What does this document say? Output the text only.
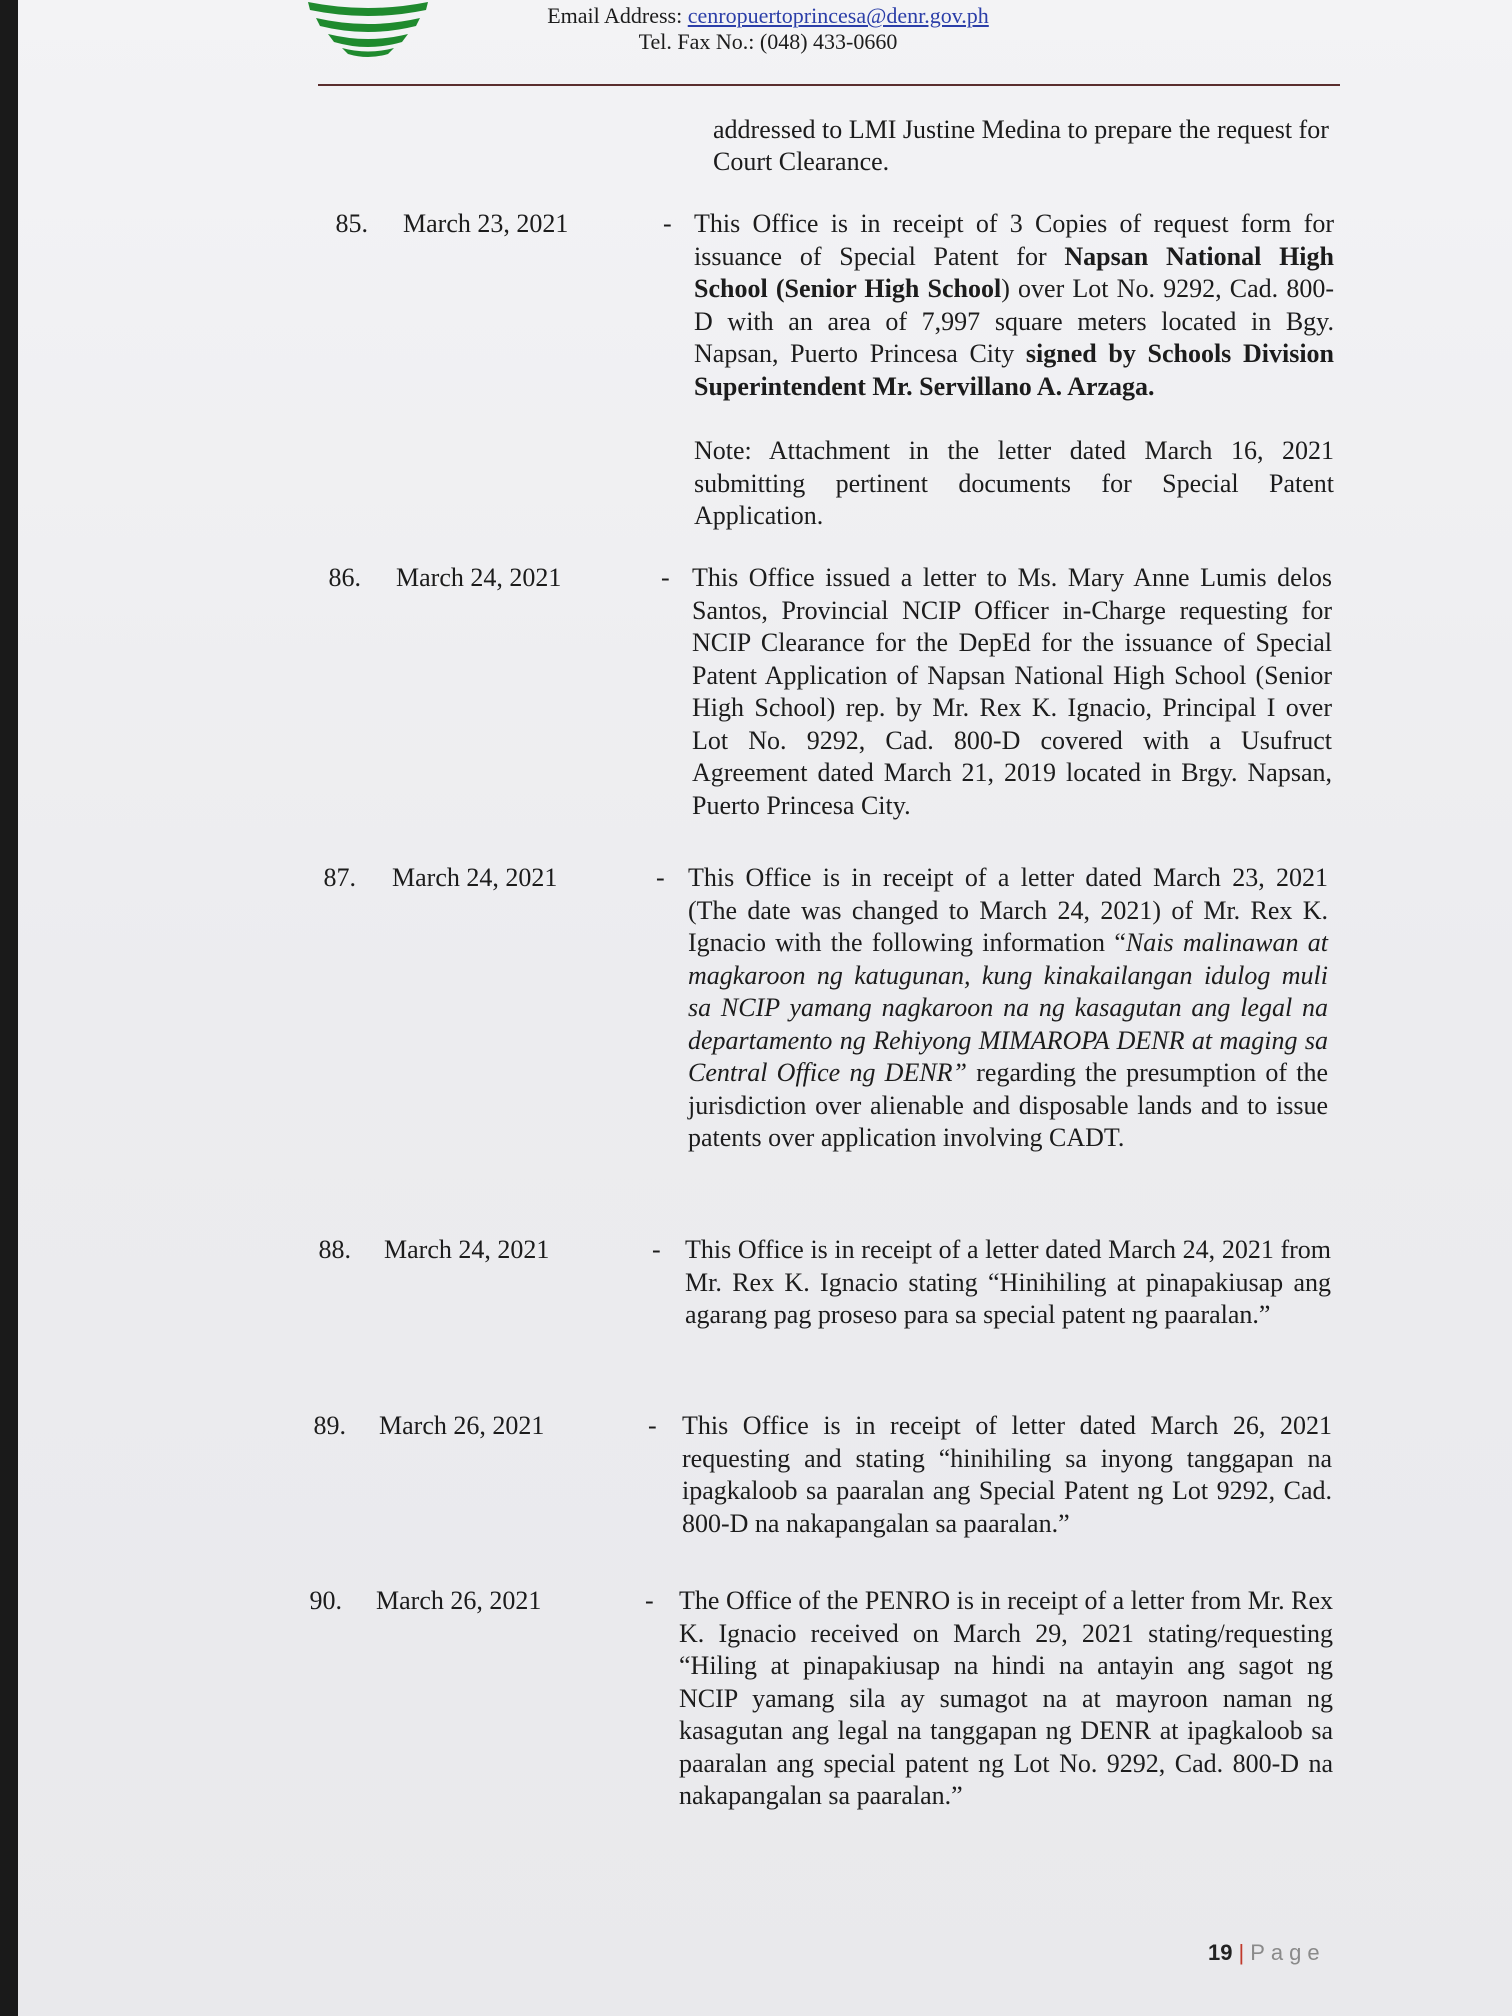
Email Address: cenropuertoprincesa@denr.gov.ph
Tel. Fax No.: (048) 433-0660
addressed to LMI Justine Medina to prepare the request for Court Clearance.
85. March 23, 2021	- This Office is in receipt of 3 Copies of request form for issuance of Special Patent for Napsan National High School (Senior High School) over Lot No. 9292, Cad. 800-D with an area of 7,997 square meters located in Bgy. Napsan, Puerto Princesa City signed by Schools Division Superintendent Mr. Servillano A. Arzaga.
Note: Attachment in the letter dated March 16, 2021 submitting pertinent documents for Special Patent Application.
86. March 24, 2021	- This Office issued a letter to Ms. Mary Anne Lumis delos Santos, Provincial NCIP Officer in-Charge requesting for NCIP Clearance for the DepEd for the issuance of Special Patent Application of Napsan National High School (Senior High School) rep. by Mr. Rex K. Ignacio, Principal I over Lot No. 9292, Cad. 800-D covered with a Usufruct Agreement dated March 21, 2019 located in Brgy. Napsan, Puerto Princesa City.
87. March 24, 2021	- This Office is in receipt of a letter dated March 23, 2021 (The date was changed to March 24, 2021) of Mr. Rex K. Ignacio with the following information “Nais malinawan at magkaroon ng katugunan, kung kinakailangan idulog muli sa NCIP yamang nagkaroon na ng kasagutan ang legal na departamento ng Rehiyong MIMAROPA DENR at maging sa Central Office ng DENR” regarding the presumption of the jurisdiction over alienable and disposable lands and to issue patents over application involving CADT.
88. March 24, 2021	- This Office is in receipt of a letter dated March 24, 2021 from Mr. Rex K. Ignacio stating “Hinihiling at pinapakiusap ang agarang pag proseso para sa special patent ng paaralan.”
89. March 26, 2021	- This Office is in receipt of letter dated March 26, 2021 requesting and stating “hinihiling sa inyong tanggapan na ipagkaloob sa paaralan ang Special Patent ng Lot 9292, Cad. 800-D na nakapangalan sa paaralan.”
90. March 26, 2021	- The Office of the PENRO is in receipt of a letter from Mr. Rex K. Ignacio received on March 29, 2021 stating/requesting “Hiling at pinapakiusap na hindi na antayin ang sagot ng NCIP yamang sila ay sumagot na at mayroon naman ng kasagutan ang legal na tanggapan ng DENR at ipagkaloob sa paaralan ang special patent ng Lot No. 9292, Cad. 800-D na nakapangalan sa paaralan.”
19 | Page
